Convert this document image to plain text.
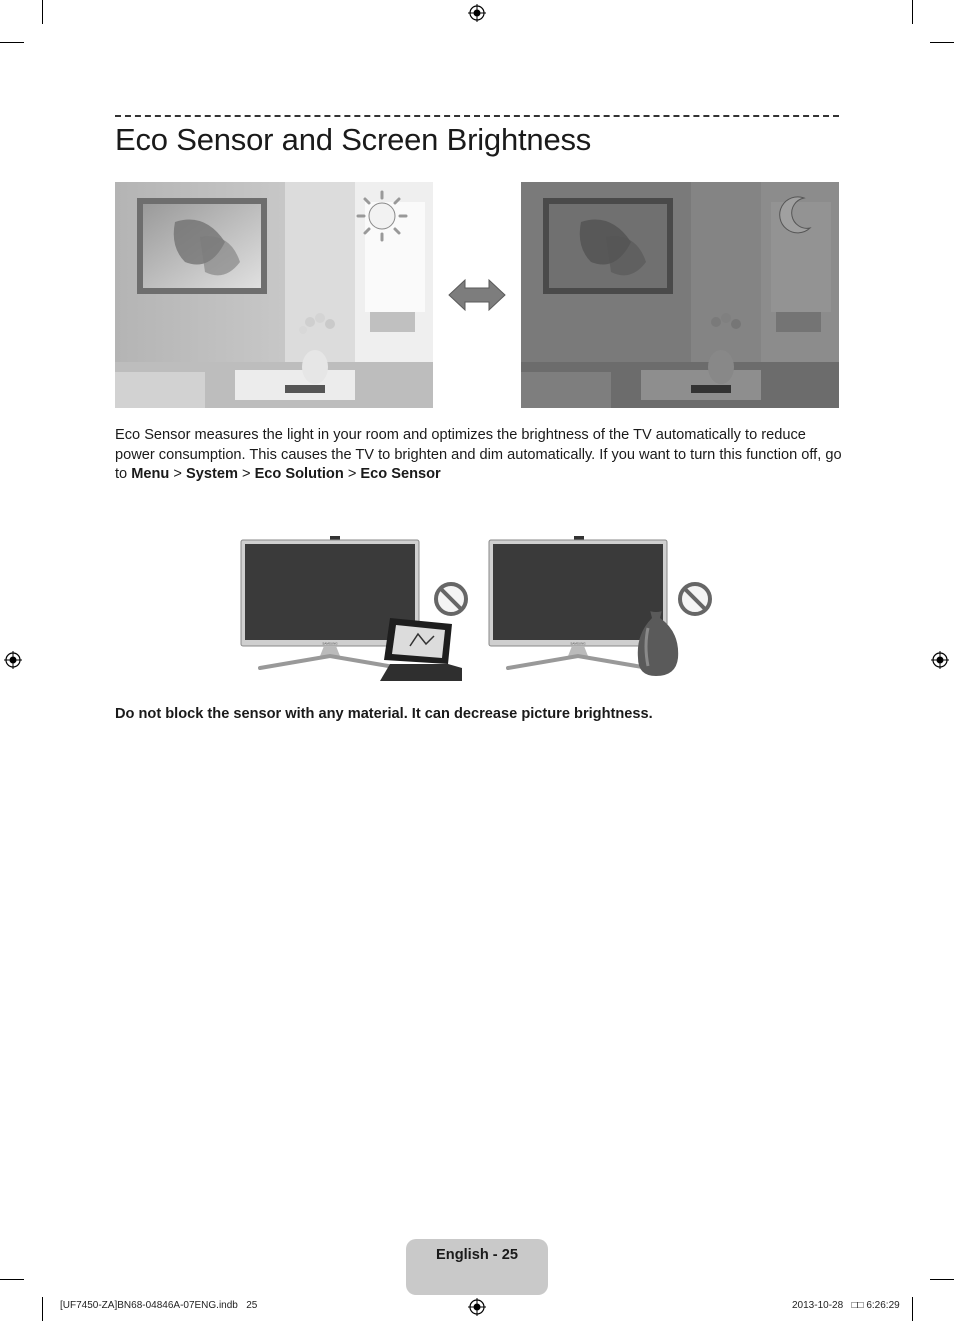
Eco Sensor and Screen Brightness

Eco Sensor measures the light in your room and optimizes the brightness of the TV automatically to reduce power consumption. This causes the TV to brighten and dim automatically. If you want to turn this function off, go to Menu > System > Eco Solution > Eco Sensor

SAMSUNG	SAMSUNG

Do not block the sensor with any material. It can decrease picture brightness.

English - 25
[UF7450-ZA]BN68-04846A-07ENG.indb   25	2013-10-28   □□ 6:26:29
